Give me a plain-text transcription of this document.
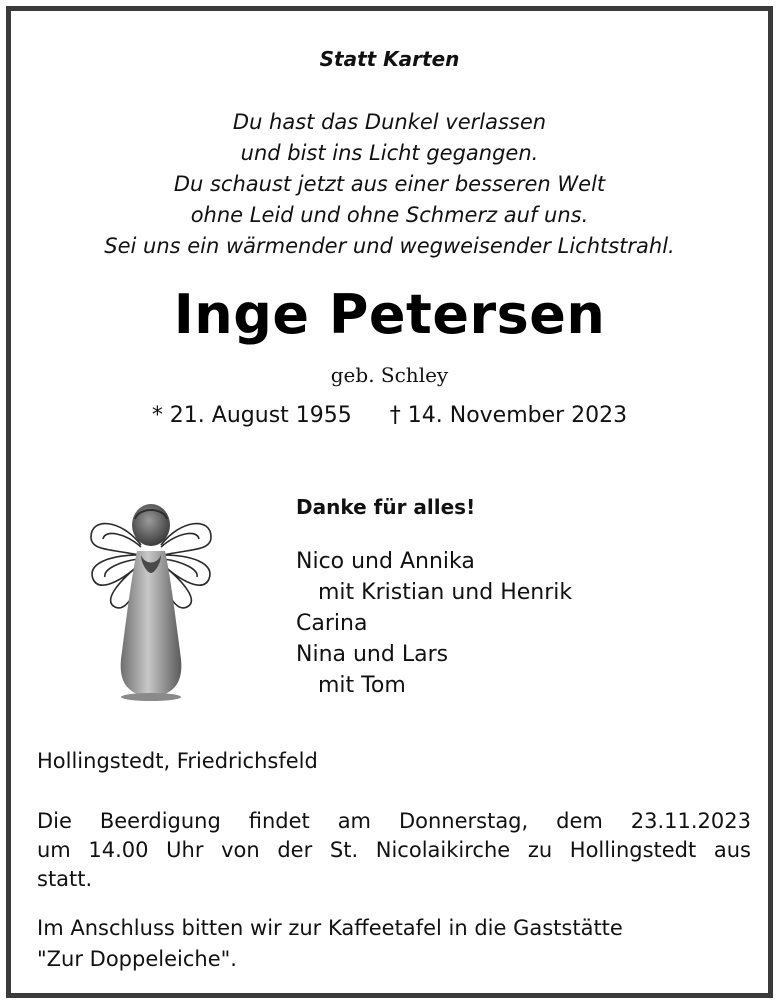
Statt Karten
Du hast das Dunkel verlassen
und bist ins Licht gegangen.
Du schaust jetzt aus einer besseren Welt
ohne Leid und ohne Schmerz auf uns.
Sei uns ein wärmender und wegweisender Lichtstrahl.
Inge Petersen
geb. Schley
* 21. August 1955 † 14. November 2023
Danke für alles!
Nico und Annika
mit Kristian und Henrik
Carina
Nina und Lars
mit Tom
Hollingstedt, Friedrichsfeld
Die Beerdigung findet am Donnerstag, dem 23.11.2023
um 14.00 Uhr von der St. Nicolaikirche zu Hollingstedt aus
statt.
Im Anschluss bitten wir zur Kaffeetafel in die Gaststätte
"Zur Doppeleiche".
